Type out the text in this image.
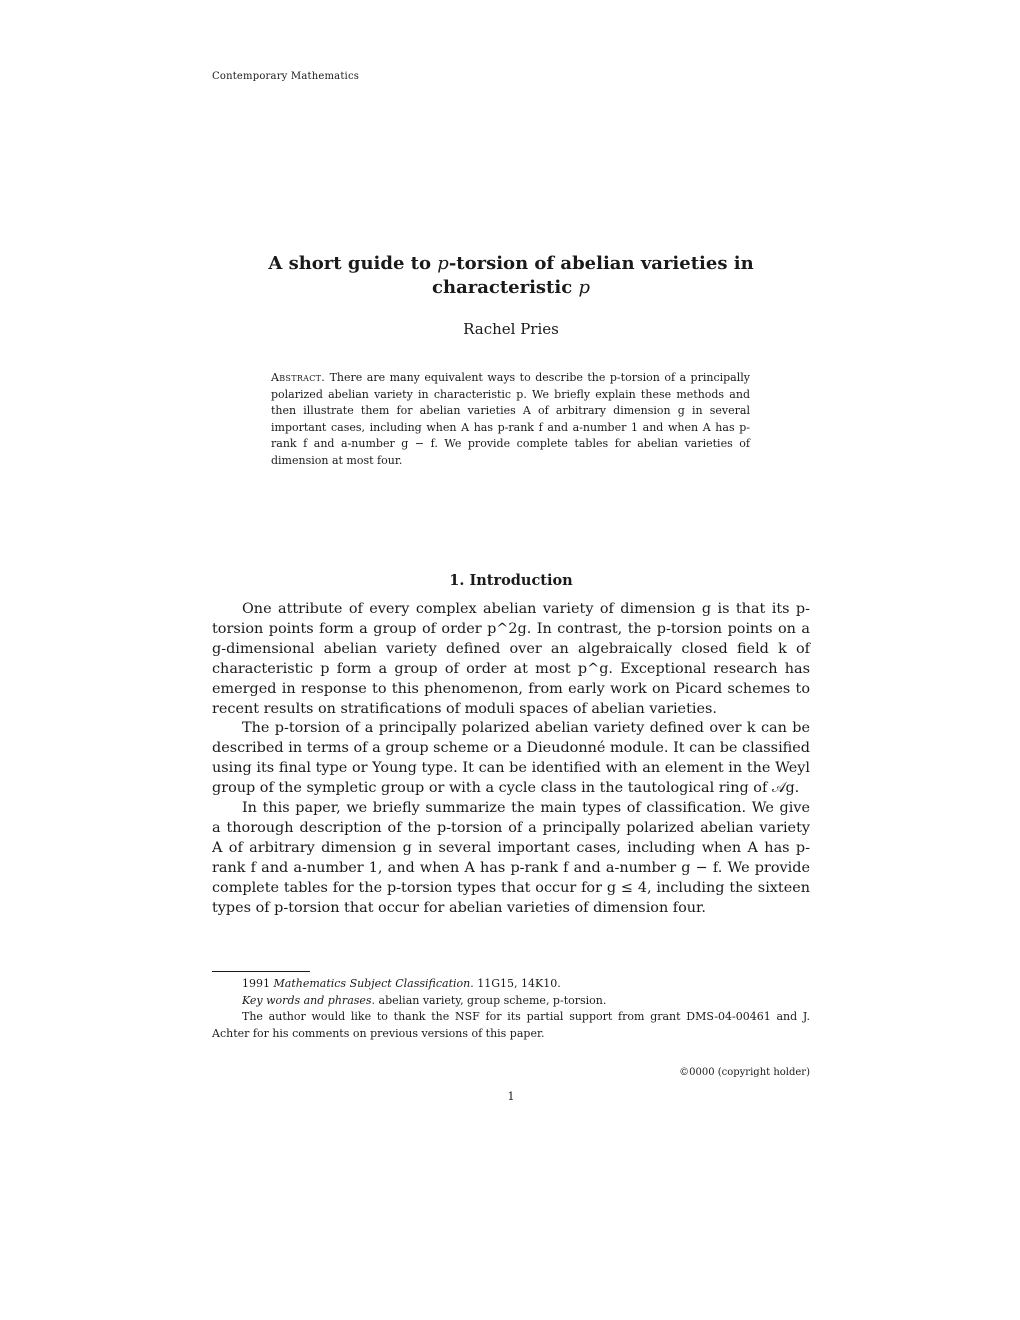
Contemporary Mathematics
A short guide to p-torsion of abelian varieties in characteristic p
Rachel Pries
Abstract. There are many equivalent ways to describe the p-torsion of a principally polarized abelian variety in characteristic p. We briefly explain these methods and then illustrate them for abelian varieties A of arbitrary dimension g in several important cases, including when A has p-rank f and a-number 1 and when A has p-rank f and a-number g − f. We provide complete tables for abelian varieties of dimension at most four.
1. Introduction

One attribute of every complex abelian variety of dimension g is that its p-torsion points form a group of order p^2g. In contrast, the p-torsion points on a g-dimensional abelian variety defined over an algebraically closed field k of characteristic p form a group of order at most p^g. Exceptional research has emerged in response to this phenomenon, from early work on Picard schemes to recent results on stratifications of moduli spaces of abelian varieties.

The p-torsion of a principally polarized abelian variety defined over k can be described in terms of a group scheme or a Dieudonné module. It can be classified using its final type or Young type. It can be identified with an element in the Weyl group of the sympletic group or with a cycle class in the tautological ring of 𝒜g.

In this paper, we briefly summarize the main types of classification. We give a thorough description of the p-torsion of a principally polarized abelian variety A of arbitrary dimension g in several important cases, including when A has p-rank f and a-number 1, and when A has p-rank f and a-number g − f. We provide complete tables for the p-torsion types that occur for g ≤ 4, including the sixteen types of p-torsion that occur for abelian varieties of dimension four.

1991 Mathematics Subject Classification. 11G15, 14K10.

Key words and phrases. abelian variety, group scheme, p-torsion.

The author would like to thank the NSF for its partial support from grant DMS-04-00461 and J. Achter for his comments on previous versions of this paper.

©0000 (copyright holder)
1
